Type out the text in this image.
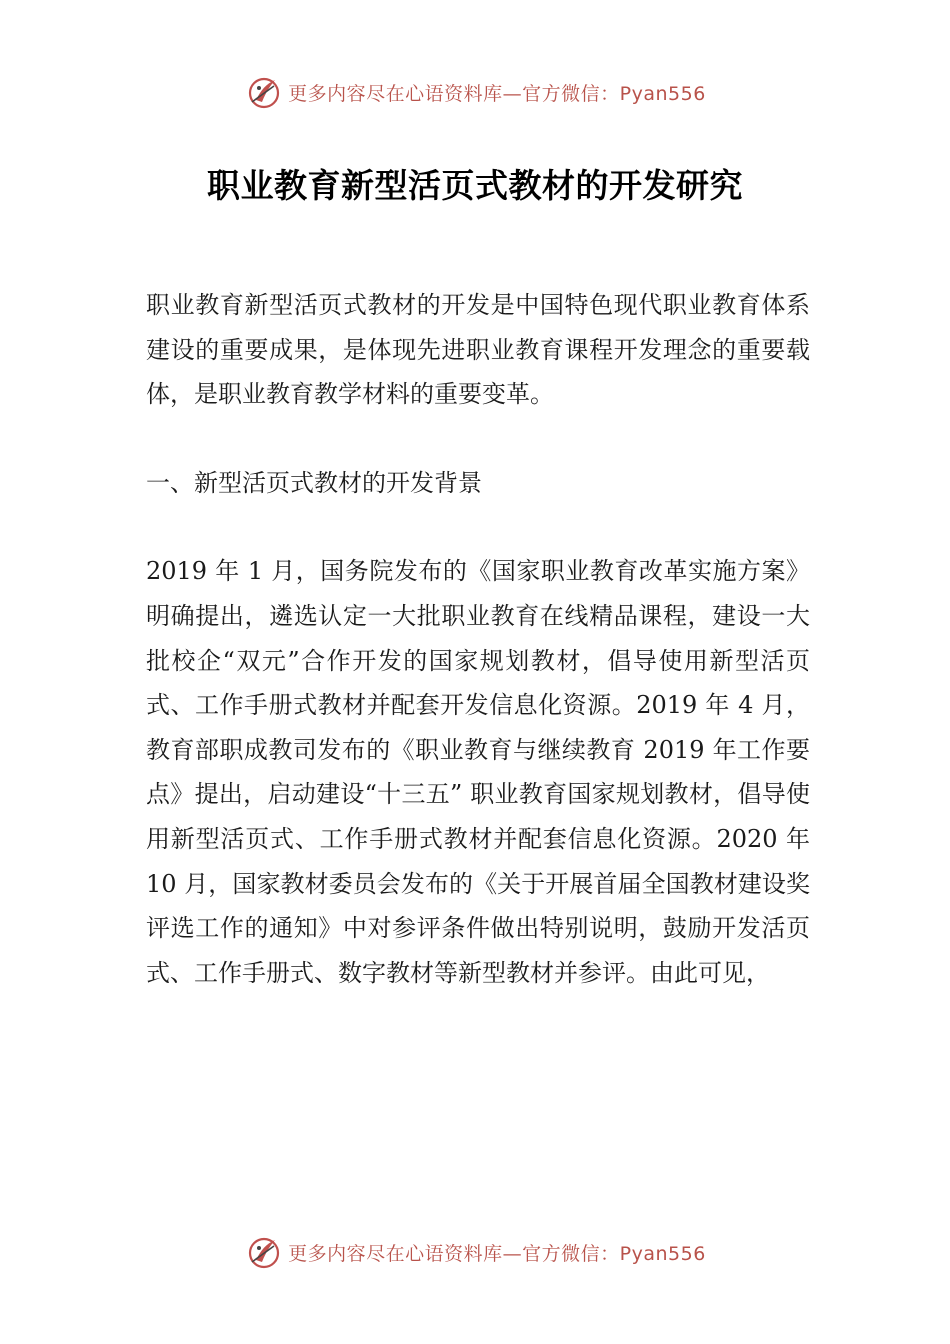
更多内容尽在心语资料库—官方微信：Pyan556
职业教育新型活页式教材的开发研究

职业教育新型活页式教材的开发是中国特色现代职业教育体系建设的重要成果，是体现先进职业教育课程开发理念的重要载体，是职业教育教学材料的重要变革。

一、新型活页式教材的开发背景

2019 年 1 月，国务院发布的《国家职业教育改革实施方案》明确提出，遴选认定一大批职业教育在线精品课程，建设一大批校企“双元”合作开发的国家规划教材，倡导使用新型活页式、工作手册式教材并配套开发信息化资源。2019 年 4 月，教育部职成教司发布的《职业教育与继续教育 2019 年工作要点》提出，启动建设“十三五” 职业教育国家规划教材，倡导使用新型活页式、工作手册式教材并配套信息化资源。2020 年 10 月，国家教材委员会发布的《关于开展首届全国教材建设奖评选工作的通知》中对参评条件做出特别说明，鼓励开发活页式、工作手册式、数字教材等新型教材并参评。由此可见，

更多内容尽在心语资料库—官方微信：Pyan556
